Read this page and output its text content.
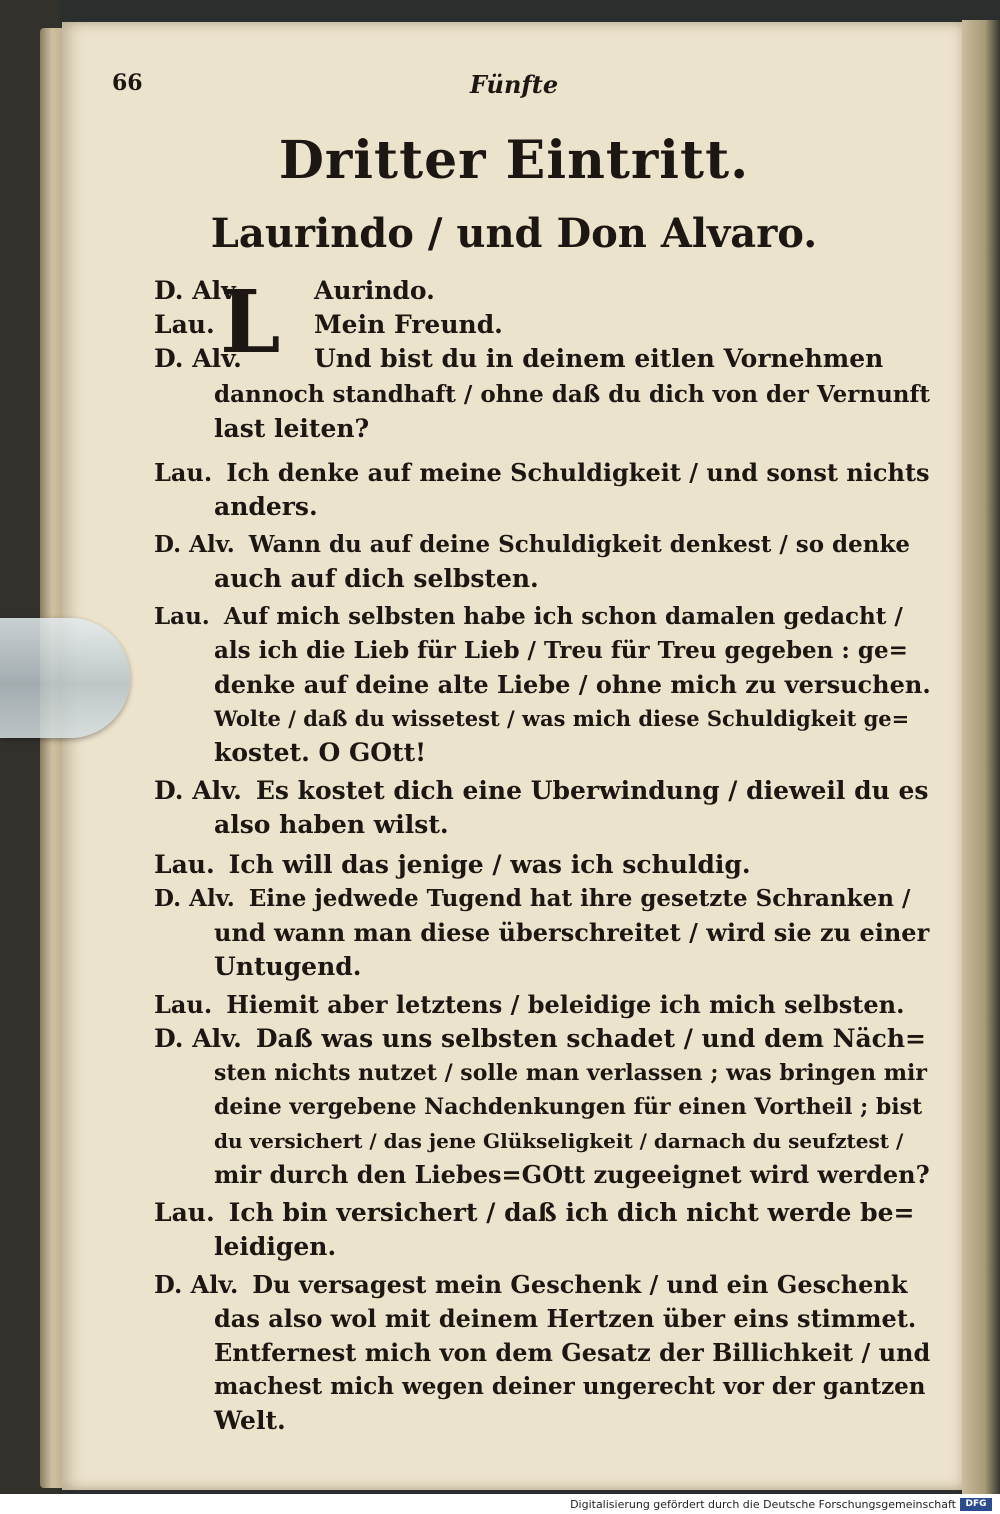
66	Fünfte
Dritter Eintritt.
Laurindo / und Don Alvaro.
L
D. Alv.	Aurindo.
Lau.	Mein Freund.
D. Alv.	Und bist du in deinem eitlen Vornehmen
dannoch standhaft / ohne daß du dich von der Vernunft
last leiten?
Lau. Ich denke auf meine Schuldigkeit / und sonst nichts
anders.
D. Alv. Wann du auf deine Schuldigkeit denkest / so denke
auch auf dich selbsten.
Lau. Auf mich selbsten habe ich schon damalen gedacht /
als ich die Lieb für Lieb / Treu für Treu gegeben : ge=
denke auf deine alte Liebe / ohne mich zu versuchen.
Wolte / daß du wissetest / was mich diese Schuldigkeit ge=
kostet. O GOtt!
D. Alv. Es kostet dich eine Uberwindung / dieweil du es
also haben wilst.
Lau. Ich will das jenige / was ich schuldig.
D. Alv. Eine jedwede Tugend hat ihre gesetzte Schranken /
und wann man diese überschreitet / wird sie zu einer
Untugend.
Lau. Hiemit aber letztens / beleidige ich mich selbsten.
D. Alv. Daß was uns selbsten schadet / und dem Näch=
sten nichts nutzet / solle man verlassen ; was bringen mir
deine vergebene Nachdenkungen für einen Vortheil ; bist
du versichert / das jene Glükseligkeit / darnach du seufztest /
mir durch den Liebes=GOtt zugeeignet wird werden?
Lau. Ich bin versichert / daß ich dich nicht werde be=
leidigen.
D. Alv. Du versagest mein Geschenk / und ein Geschenk
das also wol mit deinem Hertzen über eins stimmet.
Entfernest mich von dem Gesatz der Billichkeit / und
machest mich wegen deiner ungerecht vor der gantzen
Welt.
Digitalisierung gefördert durch die Deutsche Forschungsgemeinschaft	DFG
